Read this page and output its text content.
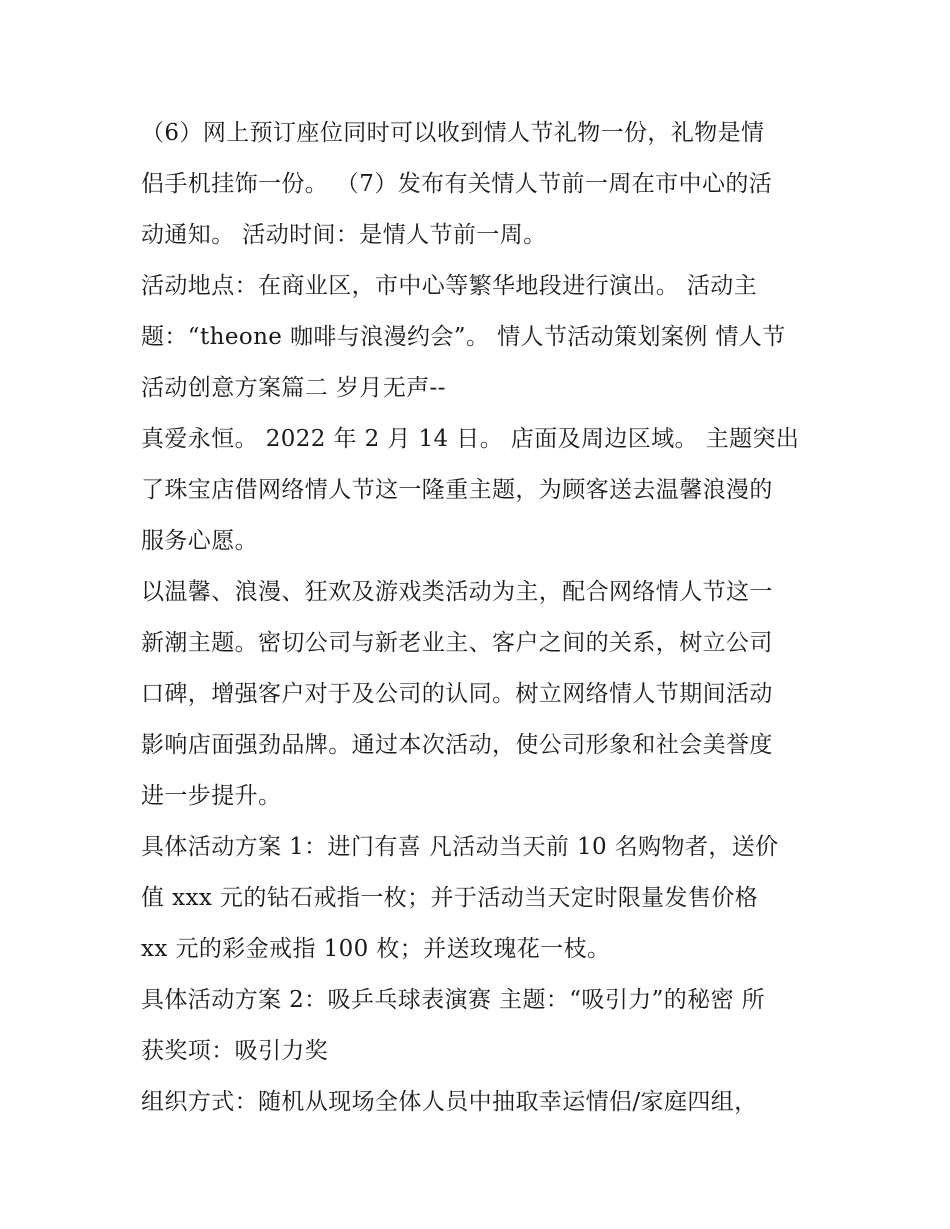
（6）网上预订座位同时可以收到情人节礼物一份，礼物是情
侣手机挂饰一份。 （7）发布有关情人节前一周在市中心的活
动通知。 活动时间：是情人节前一周。
活动地点：在商业区，市中心等繁华地段进行演出。 活动主
题：“theone 咖啡与浪漫约会”。 情人节活动策划案例 情人节
活动创意方案篇二 岁月无声--
真爱永恒。 2022 年 2 月 14 日。 店面及周边区域。 主题突出
了珠宝店借网络情人节这一隆重主题，为顾客送去温馨浪漫的
服务心愿。
以温馨、浪漫、狂欢及游戏类活动为主，配合网络情人节这一
新潮主题。密切公司与新老业主、客户之间的关系，树立公司
口碑，增强客户对于及公司的认同。树立网络情人节期间活动
影响店面强劲品牌。通过本次活动，使公司形象和社会美誉度
进一步提升。
具体活动方案 1：进门有喜 凡活动当天前 10 名购物者，送价
值 xxx 元的钻石戒指一枚；并于活动当天定时限量发售价格
xx 元的彩金戒指 100 枚；并送玫瑰花一枝。
具体活动方案 2：吸乒乓球表演赛 主题：“吸引力”的秘密 所
获奖项：吸引力奖
组织方式：随机从现场全体人员中抽取幸运情侣/家庭四组，
